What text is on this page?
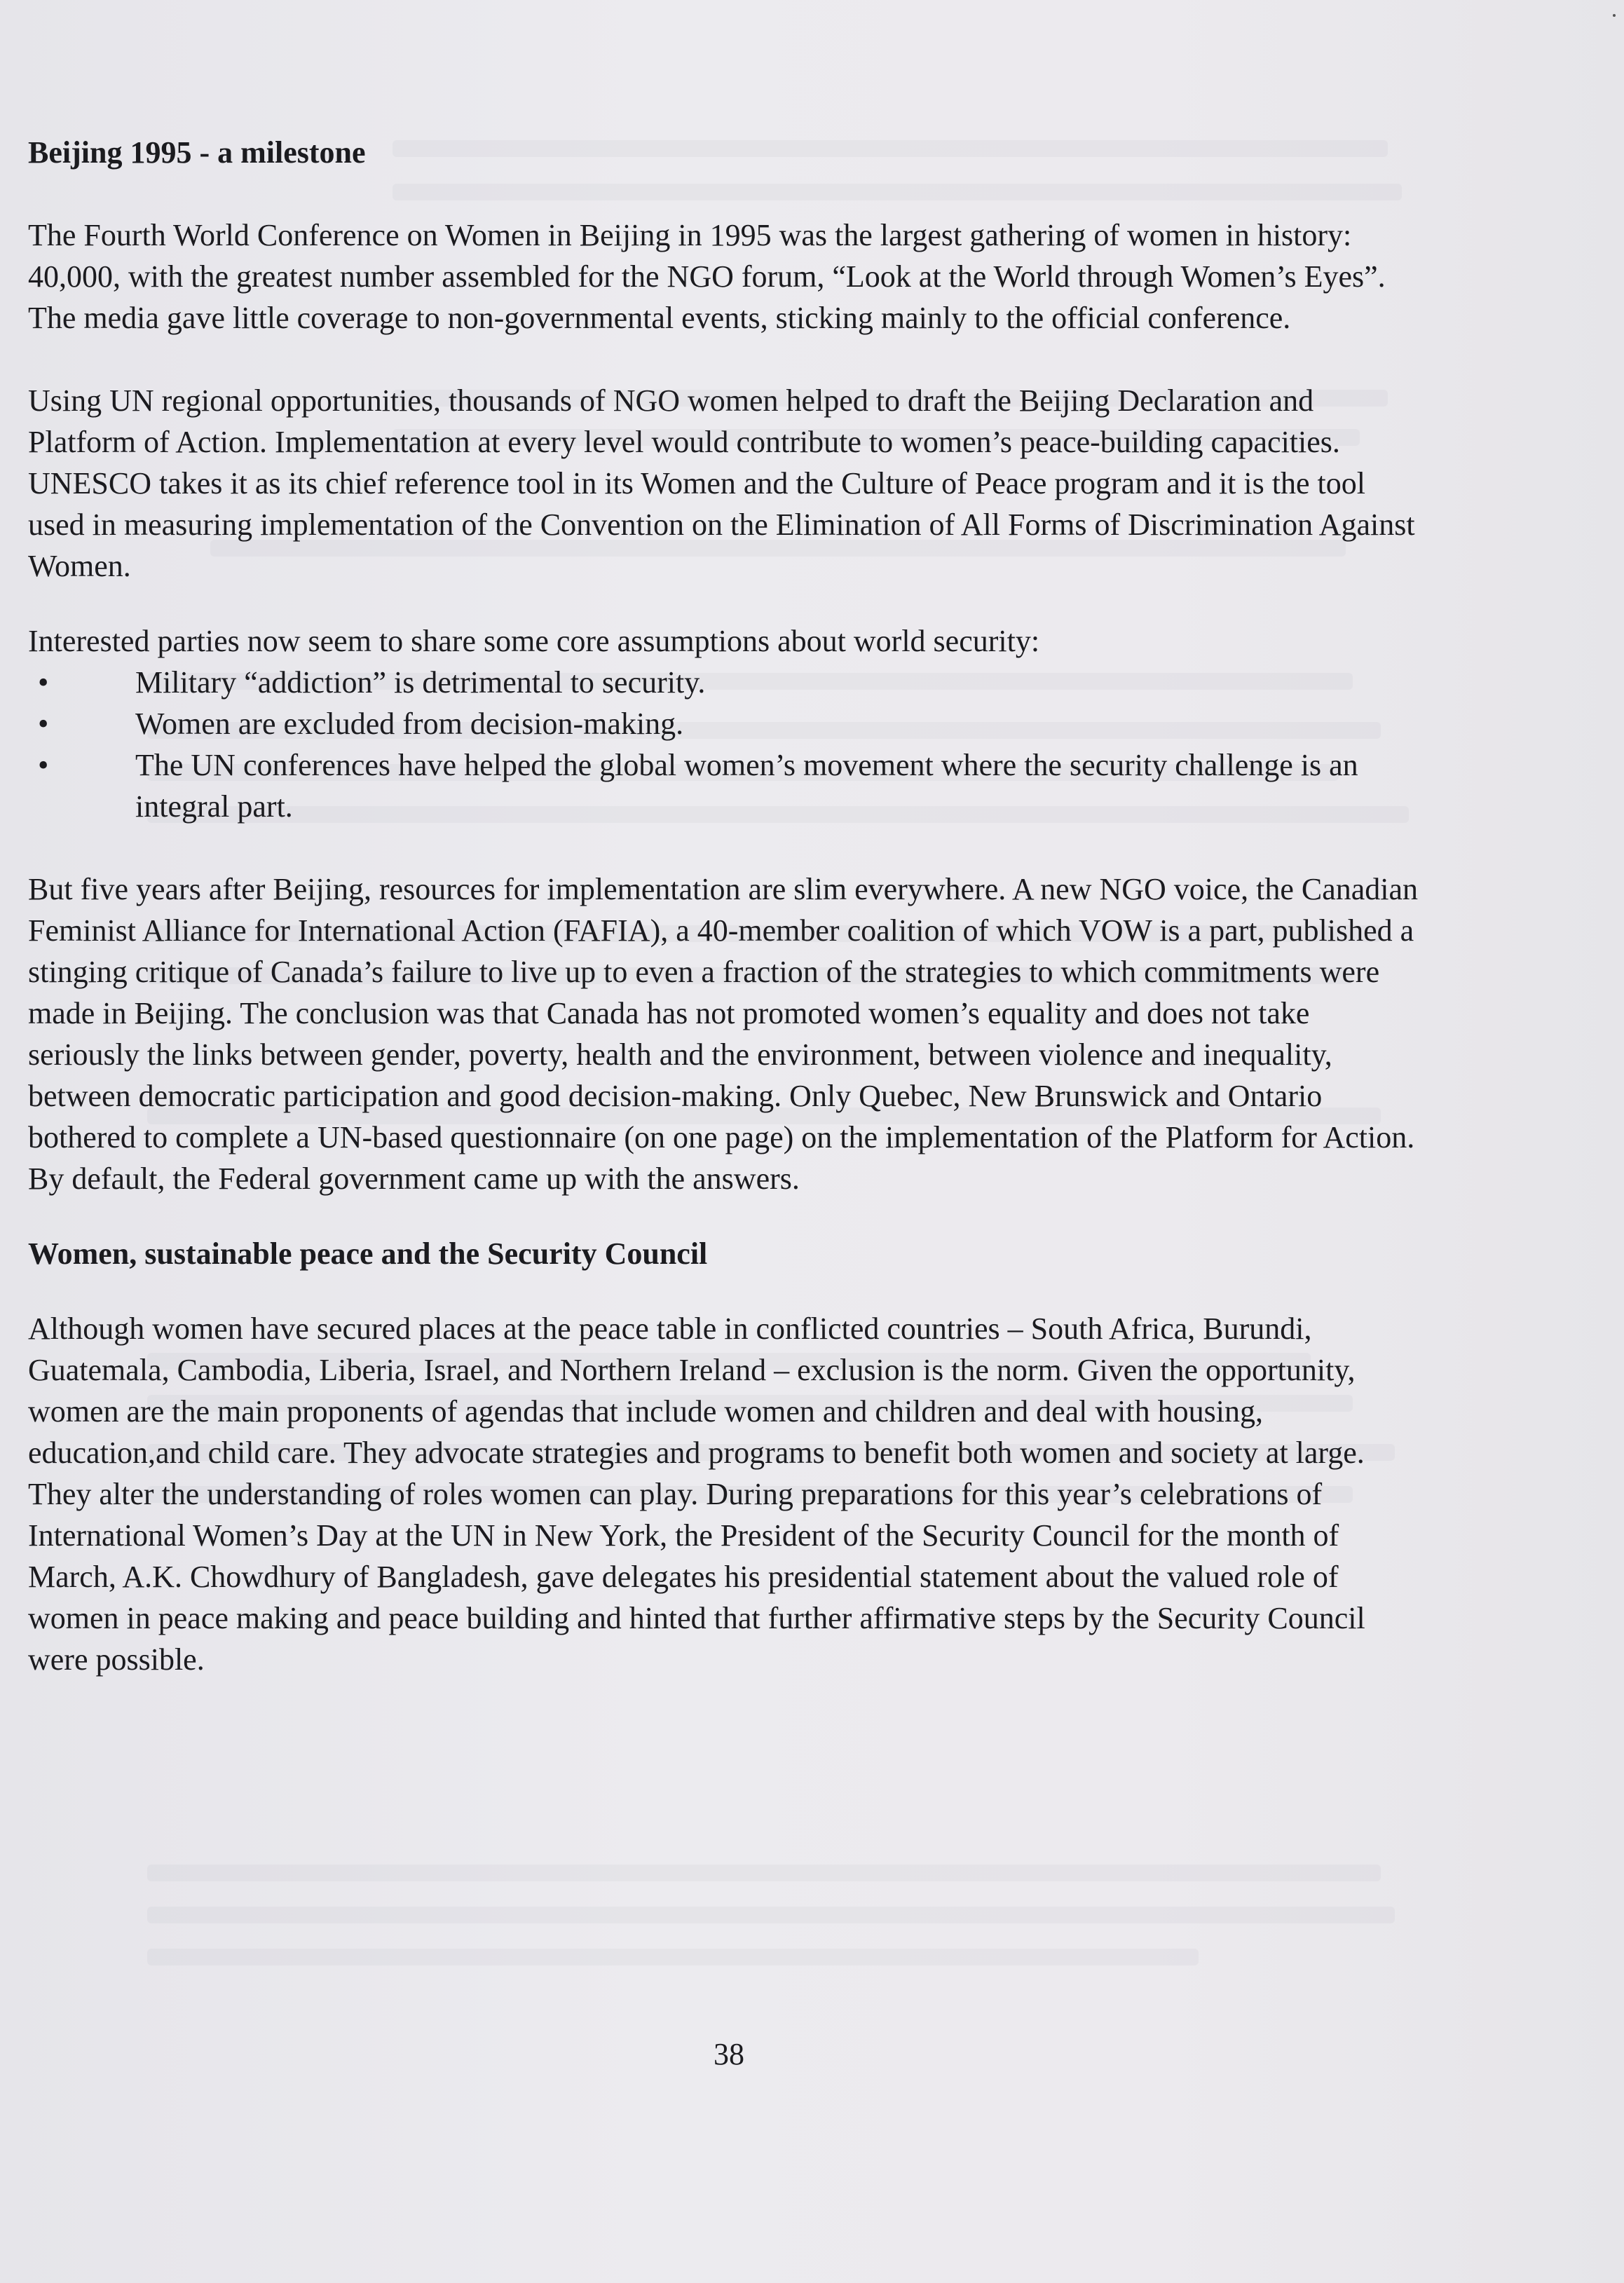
Beijing 1995 - a milestone

The Fourth World Conference on Women in Beijing in 1995 was the largest gathering of women in history: 40,000, with the greatest number assembled for the NGO forum, “Look at the World through Women’s Eyes”. The media gave little coverage to non-governmental events, sticking mainly to the official conference.

Using UN regional opportunities, thousands of NGO women helped to draft the Beijing Declaration and Platform of Action. Implementation at every level would contribute to women’s peace-building capacities. UNESCO takes it as its chief reference tool in its Women and the Culture of Peace program and it is the tool used in measuring implementation of the Convention on the Elimination of All Forms of Discrimination Against Women.

Interested parties now seem to share some core assumptions about world security:

•	Military “addiction” is detrimental to security.
•	Women are excluded from decision-making.
•	The UN conferences have helped the global women’s movement where the security challenge is an integral part.

But five years after Beijing, resources for implementation are slim everywhere. A new NGO voice, the Canadian Feminist Alliance for International Action (FAFIA), a 40-member coalition of which VOW is a part, published a stinging critique of Canada’s failure to live up to even a fraction of the strategies to which commitments were made in Beijing. The conclusion was that Canada has not promoted women’s equality and does not take seriously the links between gender, poverty, health and the environment, between violence and inequality, between democratic participation and good decision-making. Only Quebec, New Brunswick and Ontario bothered to complete a UN-based questionnaire (on one page) on the implementation of the Platform for Action. By default, the Federal government came up with the answers.

Women, sustainable peace and the Security Council

Although women have secured places at the peace table in conflicted countries – South Africa, Burundi, Guatemala, Cambodia, Liberia, Israel, and Northern Ireland – exclusion is the norm. Given the opportunity, women are the main proponents of agendas that include women and children and deal with housing, education,and child care. They advocate strategies and programs to benefit both women and society at large. They alter the understanding of roles women can play. During preparations for this year’s celebrations of International Women’s Day at the UN in New York, the President of the Security Council for the month of March, A.K. Chowdhury of Bangladesh, gave delegates his presidential statement about the valued role of women in peace making and peace building and hinted that further affirmative steps by the Security Council were possible.

38
